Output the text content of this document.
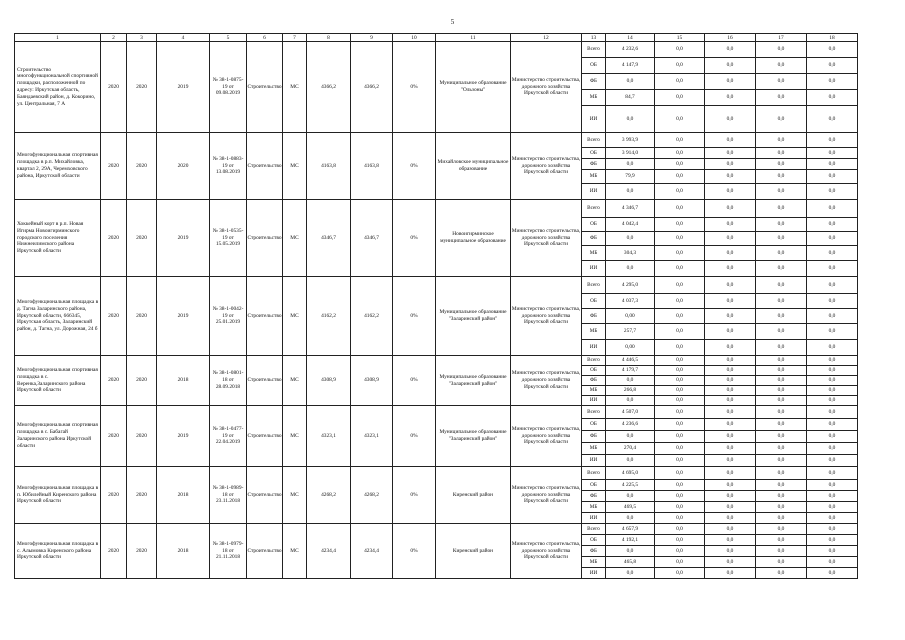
5
1	2	3	4	5	6	7	8	9	10	11	12	13	14	15	16	17	18
Строительство многофункциональной спортивной площадки, расположенной по адресу: Иркутская область, Баяндаевский район, д. Кокорино, ул. Центральная, 7 А	2020	2020	2019	№ 38-1-0875-19 от 09.08.2019	Строительство	МС	4366,2	4366,2	0%	Муниципальное образование "Ользоны"	Министерство строительства, дорожного хозяйства Иркутской области	Всего	4 232,6	0,0	0,0	0,0	0,0
												ОБ	4 147,9	0,0	0,0	0,0	0,0
												ФБ	0,0	0,0	0,0	0,0	0,0
												МБ	84,7	0,0	0,0	0,0	0,0
												ИИ	0,0	0,0	0,0	0,0	0,0
Многофункциональная спортивная площадка в р.п. Михайловка, квартал 2, 29А, Черемховского района, Иркутской области	2020	2020	2020	№ 38-1-0883-19 от 13.08.2019	Строительство	МС	4163,8	4163,8	0%	Михайловское муниципальное образование	Министерство строительства, дорожного хозяйства Иркутской области	Всего	3 993,9	0,0	0,0	0,0	0,0
												ОБ	3 914,0	0,0	0,0	0,0	0,0
												ФБ	0,0	0,0	0,0	0,0	0,0
												МБ	79,9	0,0	0,0	0,0	0,0
												ИИ	0,0	0,0	0,0	0,0	0,0
Хоккейный корт в р.п. Новая Игирма Новоигирминского городского поселения Нижнеилимского района Иркутской области	2020	2020	2019	№ 38-1-0535-19 от 15.05.2019	Строительство	МС	4346,7	4346,7	0%	Новоигирминское муниципальное образование	Министерство строительства, дорожного хозяйства Иркутской области	Всего	4 346,7	0,0	0,0	0,0	0,0
												ОБ	4 042,4	0,0	0,0	0,0	0,0
												ФБ	0,0	0,0	0,0	0,0	0,0
												МБ	304,3	0,0	0,0	0,0	0,0
												ИИ	0,0	0,0	0,0	0,0	0,0
Многофункциональная площадка в д. Тагна Заларинского района, Иркутской области, 666345, Иркутская область, Заларинский район, д. Тагна, ул. Дорожная, 24 б	2020	2020	2019	№ 38-1-0042-19 от 25.01.2019	Строительство	МС	4162,2	4162,2	0%	Муниципальное образование "Заларинский район"	Министерство строительства, дорожного хозяйства Иркутской области	Всего	4 295,0	0,0	0,0	0,0	0,0
												ОБ	4 037,3	0,0	0,0	0,0	0,0
												ФБ	0,00	0,0	0,0	0,0	0,0
												МБ	257,7	0,0	0,0	0,0	0,0
												ИИ	0,00	0,0	0,0	0,0	0,0
Многофункциональная спортивная площадка в с. Веренка,Заларинского района Иркутской области	2020	2020	2018	№ 38-1-0801-18 от 28.09.2018	Строительство	МС	4308,9	4308,9	0%	Муниципальное образование "Заларинский район"	Министерство строительства, дорожного хозяйства Иркутской области	Всего	4 446,5	0,0	0,0	0,0	0,0
												ОБ	4 179,7	0,0	0,0	0,0	0,0
												ФБ	0,0	0,0	0,0	0,0	0,0
												МБ	266,8	0,0	0,0	0,0	0,0
												ИИ	0,0	0,0	0,0	0,0	0,0
Многофункциональная спортивная площадка в с. Бабагай Заларинского района Иркутской области	2020	2020	2019	№ 38-1-0477-19 от 22.04.2019	Строительство	МС	4323,1	4323,1	0%	Муниципальное образование "Заларинский район"	Министерство строительства, дорожного хозяйства Иркутской области	Всего	4 507,0	0,0	0,0	0,0	0,0
												ОБ	4 236,6	0,0	0,0	0,0	0,0
												ФБ	0,0	0,0	0,0	0,0	0,0
												МБ	270,4	0,0	0,0	0,0	0,0
												ИИ	0,0	0,0	0,0	0,0	0,0
Многофункциональная площадка в п. Юбилейный Киренского района Иркутской области	2020	2020	2018	№ 38-1-0989-18 от 23.11.2018	Строительство	МС	4268,2	4268,2	0%	Киренский район	Министерство строительства, дорожного хозяйства Иркутской области	Всего	4 695,0	0,0	0,0	0,0	0,0
												ОБ	4 225,5	0,0	0,0	0,0	0,0
												ФБ	0,0	0,0	0,0	0,0	0,0
												МБ	469,5	0,0	0,0	0,0	0,0
												ИИ	0,0	0,0	0,0	0,0	0,0
Многофункциональная площадка в с. Алымовка Киренского района Иркутской области	2020	2020	2018	№ 38-1-0979-18 от 21.11.2018	Строительство	МС	4234,4	4234,4	0%	Киренский район	Министерство строительства, дорожного хозяйства Иркутской области	Всего	4 657,9	0,0	0,0	0,0	0,0
												ОБ	4 192,1	0,0	0,0	0,0	0,0
												ФБ	0,0	0,0	0,0	0,0	0,0
												МБ	465,8	0,0	0,0	0,0	0,0
												ИИ	0,0	0,0	0,0	0,0	0,0
